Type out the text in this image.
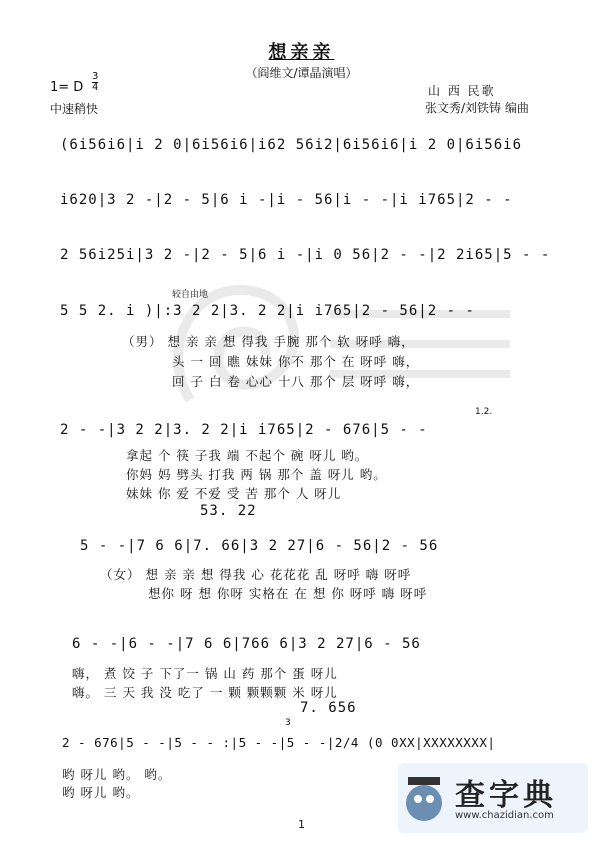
想亲亲
（阎维文/谭晶演唱）
1= D $\frac{3}{4}$
中速稍快
山 西 民歌
张文秀/刘铁铸 编曲
(6i56i6|i 2 0|6i56i6|i62 56i2|6i56i6|i 2 0|6i56i6
i620|3 2 -|2 - 5|6 i -|i - 56|i - -|i i765|2 - -
2 56i25i|3 2 -|2 - 5|6 i -|i 0 56|2 - -|2 2i65|5 - -
较自由地
5 5 2. i )|:3 2 2|3. 2 2|i i765|2 - 56|2 - -
（男） 想 亲 亲 想 得我 手腕 那个 软 呀呼 嗨，
头 一 回 瞧 妹妹 你不 那个 在 呀呼 嗨，
回 子 白 卷 心心 十八 那个 层 呀呼 嗨，
1.2.
2 - -|3 2 2|3. 2 2|i i765|2 - 676|5 - -
拿起 个 筷 子我 端 不起个 碗 呀儿 哟。
你妈 妈 劈头 打我 两 锅 那个 盖 呀儿 哟。
妹妹 你 爱 不爱 受 苦 那个 人 呀儿
53. 22
5 - -|7 6 6|7. 66|3 2 27|6 - 56|2 - 56
（女） 想 亲 亲 想 得我 心 花花花 乱 呀呼 嗨 呀呼
想你 呀 想 你呀 实格在 在 想 你 呀呼 嗨 呀呼
6 - -|6 - -|7 6 6|766 6|3 2 27|6 - 56
嗨， 煮 饺 子 下了一 锅 山 药 那个 蛋 呀儿
嗨。 三 天 我 没 吃了 一 颗 颗颗颗 米 呀儿
7. 656
3
2 - 676|5 - -|5 - - :|5 - -|5 - -|2/4 (0 0XX|XXXXXXXX|
哟 呀儿 哟。 哟。
哟 呀儿 哟。	查字典
www.chazidian.com
1
